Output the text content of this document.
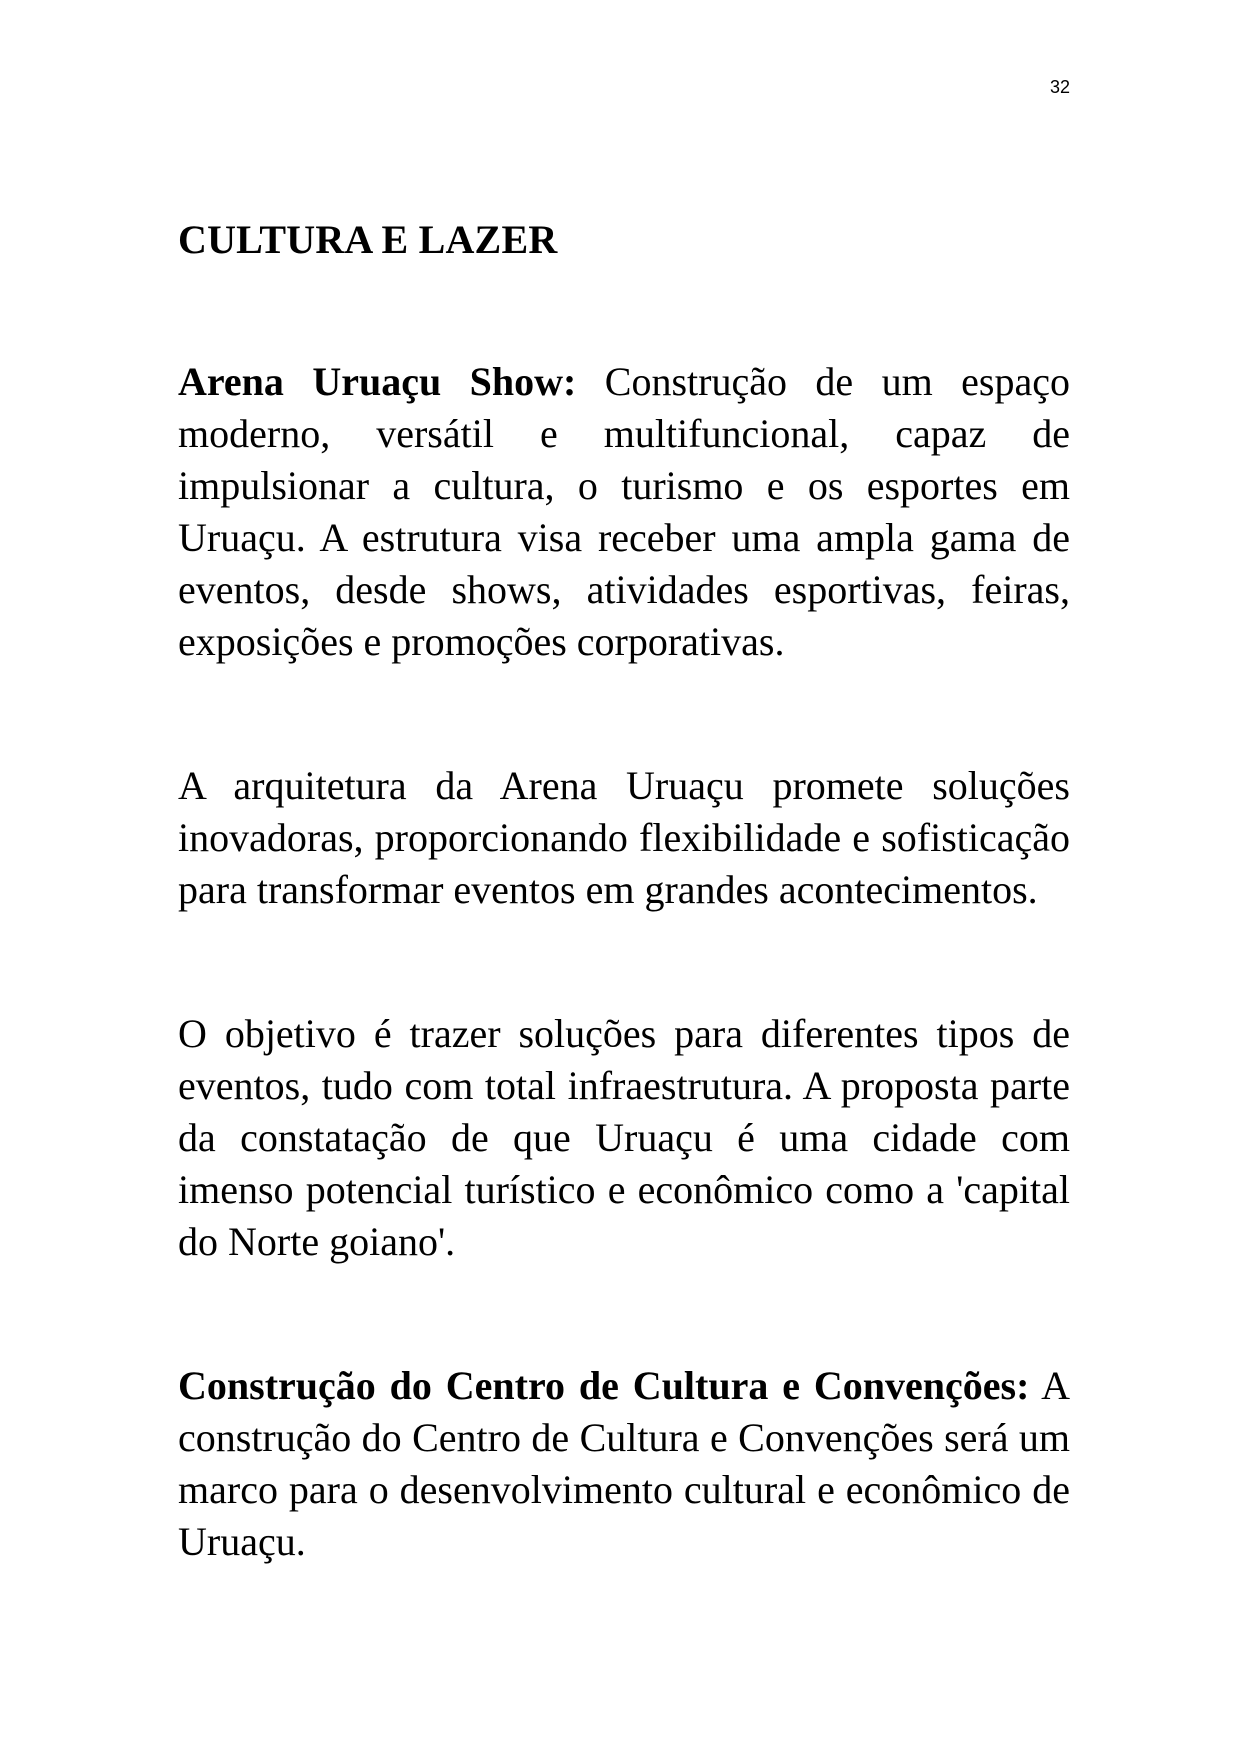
32
CULTURA E LAZER

Arena Uruaçu Show: Construção de um espaço moderno, versátil e multifuncional, capaz de impulsionar a cultura, o turismo e os esportes em Uruaçu. A estrutura visa receber uma ampla gama de eventos, desde shows, atividades esportivas, feiras, exposições e promoções corporativas.

A arquitetura da Arena Uruaçu promete soluções inovadoras, proporcionando flexibilidade e sofisticação para transformar eventos em grandes acontecimentos.

O objetivo é trazer soluções para diferentes tipos de eventos, tudo com total infraestrutura. A proposta parte da constatação de que Uruaçu é uma cidade com imenso potencial turístico e econômico como a 'capital do Norte goiano'.

Construção do Centro de Cultura e Convenções: A construção do Centro de Cultura e Convenções será um marco para o desenvolvimento cultural e econômico de Uruaçu.
